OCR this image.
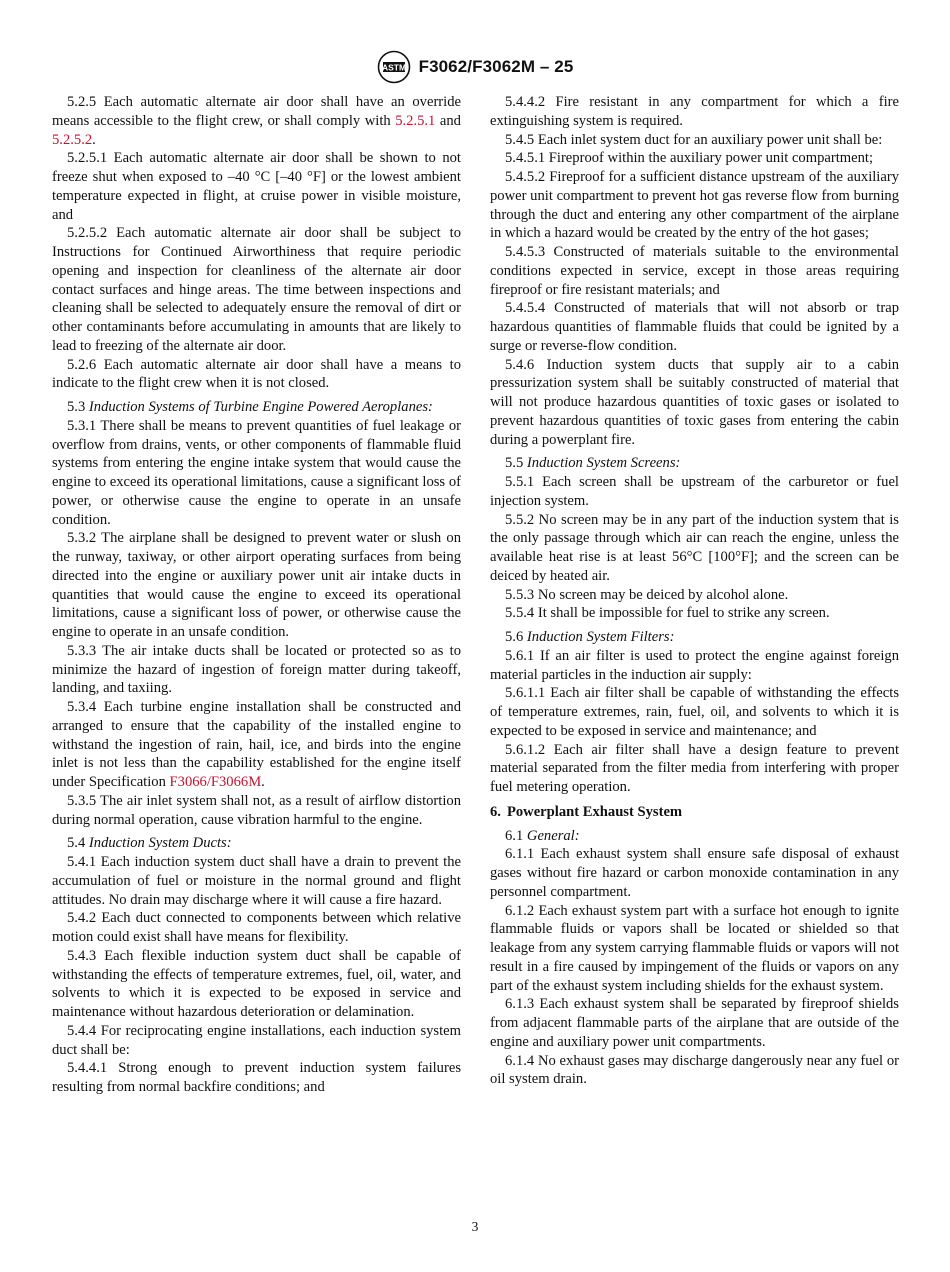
ASTM F3062/F3062M – 25

5.2.5 Each automatic alternate air door shall have an override means accessible to the flight crew, or shall comply with 5.2.5.1 and 5.2.5.2.

5.2.5.1 Each automatic alternate air door shall be shown to not freeze shut when exposed to –40 °C [–40 °F] or the lowest ambient temperature expected in flight, at cruise power in visible moisture, and

5.2.5.2 Each automatic alternate air door shall be subject to Instructions for Continued Airworthiness that require periodic opening and inspection for cleanliness of the alternate air door contact surfaces and hinge areas. The time between inspections and cleaning shall be selected to adequately ensure the removal of dirt or other contaminants before accumulating in amounts that are likely to lead to freezing of the alternate air door.

5.2.6 Each automatic alternate air door shall have a means to indicate to the flight crew when it is not closed.

5.3 Induction Systems of Turbine Engine Powered Aeroplanes:

5.3.1 There shall be means to prevent quantities of fuel leakage or overflow from drains, vents, or other components of flammable fluid systems from entering the engine intake system that would cause the engine to exceed its operational limitations, cause a significant loss of power, or otherwise cause the engine to operate in an unsafe condition.

5.3.2 The airplane shall be designed to prevent water or slush on the runway, taxiway, or other airport operating surfaces from being directed into the engine or auxiliary power unit air intake ducts in quantities that would cause the engine to exceed its operational limitations, cause a significant loss of power, or otherwise cause the engine to operate in an unsafe condition.

5.3.3 The air intake ducts shall be located or protected so as to minimize the hazard of ingestion of foreign matter during takeoff, landing, and taxiing.

5.3.4 Each turbine engine installation shall be constructed and arranged to ensure that the capability of the installed engine to withstand the ingestion of rain, hail, ice, and birds into the engine inlet is not less than the capability established for the engine itself under Specification F3066/F3066M.

5.3.5 The air inlet system shall not, as a result of airflow distortion during normal operation, cause vibration harmful to the engine.

5.4 Induction System Ducts:

5.4.1 Each induction system duct shall have a drain to prevent the accumulation of fuel or moisture in the normal ground and flight attitudes. No drain may discharge where it will cause a fire hazard.

5.4.2 Each duct connected to components between which relative motion could exist shall have means for flexibility.

5.4.3 Each flexible induction system duct shall be capable of withstanding the effects of temperature extremes, fuel, oil, water, and solvents to which it is expected to be exposed in service and maintenance without hazardous deterioration or delamination.

5.4.4 For reciprocating engine installations, each induction system duct shall be:

5.4.4.1 Strong enough to prevent induction system failures resulting from normal backfire conditions; and

5.4.4.2 Fire resistant in any compartment for which a fire extinguishing system is required.

5.4.5 Each inlet system duct for an auxiliary power unit shall be:

5.4.5.1 Fireproof within the auxiliary power unit compartment;

5.4.5.2 Fireproof for a sufficient distance upstream of the auxiliary power unit compartment to prevent hot gas reverse flow from burning through the duct and entering any other compartment of the airplane in which a hazard would be created by the entry of the hot gases;

5.4.5.3 Constructed of materials suitable to the environmental conditions expected in service, except in those areas requiring fireproof or fire resistant materials; and

5.4.5.4 Constructed of materials that will not absorb or trap hazardous quantities of flammable fluids that could be ignited by a surge or reverse-flow condition.

5.4.6 Induction system ducts that supply air to a cabin pressurization system shall be suitably constructed of material that will not produce hazardous quantities of toxic gases or isolated to prevent hazardous quantities of toxic gases from entering the cabin during a powerplant fire.

5.5 Induction System Screens:

5.5.1 Each screen shall be upstream of the carburetor or fuel injection system.

5.5.2 No screen may be in any part of the induction system that is the only passage through which air can reach the engine, unless the available heat rise is at least 56°C [100°F]; and the screen can be deiced by heated air.

5.5.3 No screen may be deiced by alcohol alone.

5.5.4 It shall be impossible for fuel to strike any screen.

5.6 Induction System Filters:

5.6.1 If an air filter is used to protect the engine against foreign material particles in the induction air supply:

5.6.1.1 Each air filter shall be capable of withstanding the effects of temperature extremes, rain, fuel, oil, and solvents to which it is expected to be exposed in service and maintenance; and

5.6.1.2 Each air filter shall have a design feature to prevent material separated from the filter media from interfering with proper fuel metering operation.

6. Powerplant Exhaust System

6.1 General:

6.1.1 Each exhaust system shall ensure safe disposal of exhaust gases without fire hazard or carbon monoxide contamination in any personnel compartment.

6.1.2 Each exhaust system part with a surface hot enough to ignite flammable fluids or vapors shall be located or shielded so that leakage from any system carrying flammable fluids or vapors will not result in a fire caused by impingement of the fluids or vapors on any part of the exhaust system including shields for the exhaust system.

6.1.3 Each exhaust system shall be separated by fireproof shields from adjacent flammable parts of the airplane that are outside of the engine and auxiliary power unit compartments.

6.1.4 No exhaust gases may discharge dangerously near any fuel or oil system drain.

3
